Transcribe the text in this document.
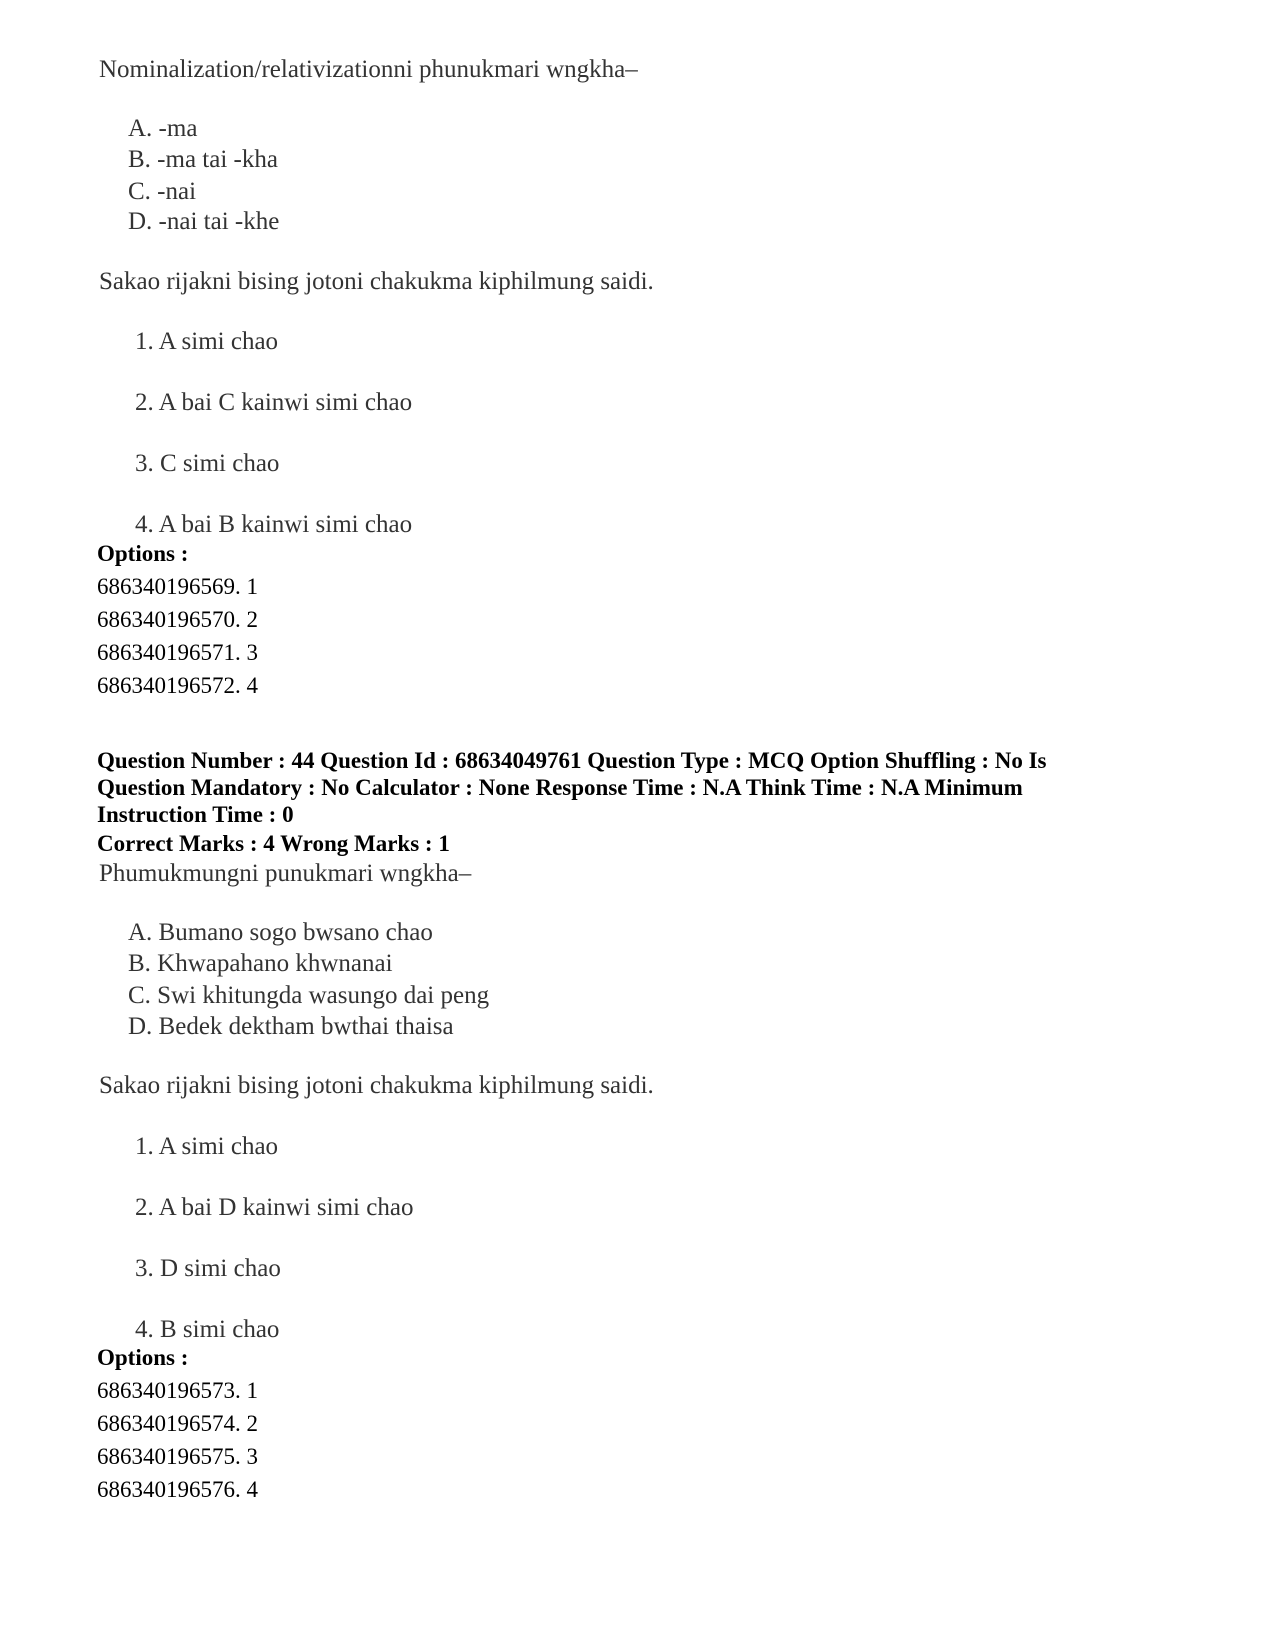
Nominalization/relativizationni phunukmari wngkha–
A. -ma
B. -ma tai -kha
C. -nai
D. -nai tai -khe
Sakao rijakni bising jotoni chakukma kiphilmung saidi.
1. A simi chao
2. A bai C kainwi simi chao
3. C simi chao
4. A bai B kainwi simi chao
Options :
686340196569. 1
686340196570. 2
686340196571. 3
686340196572. 4
Question Number : 44 Question Id : 68634049761 Question Type : MCQ Option Shuffling : No Is Question Mandatory : No Calculator : None Response Time : N.A Think Time : N.A Minimum Instruction Time : 0
Correct Marks : 4 Wrong Marks : 1
Phumukmungni punukmari wngkha–
A. Bumano sogo bwsano chao
B. Khwapahano khwnanai
C. Swi khitungda wasungo dai peng
D. Bedek dektham bwthai thaisa
Sakao rijakni bising jotoni chakukma kiphilmung saidi.
1. A simi chao
2. A bai D kainwi simi chao
3. D simi chao
4. B simi chao
Options :
686340196573. 1
686340196574. 2
686340196575. 3
686340196576. 4
